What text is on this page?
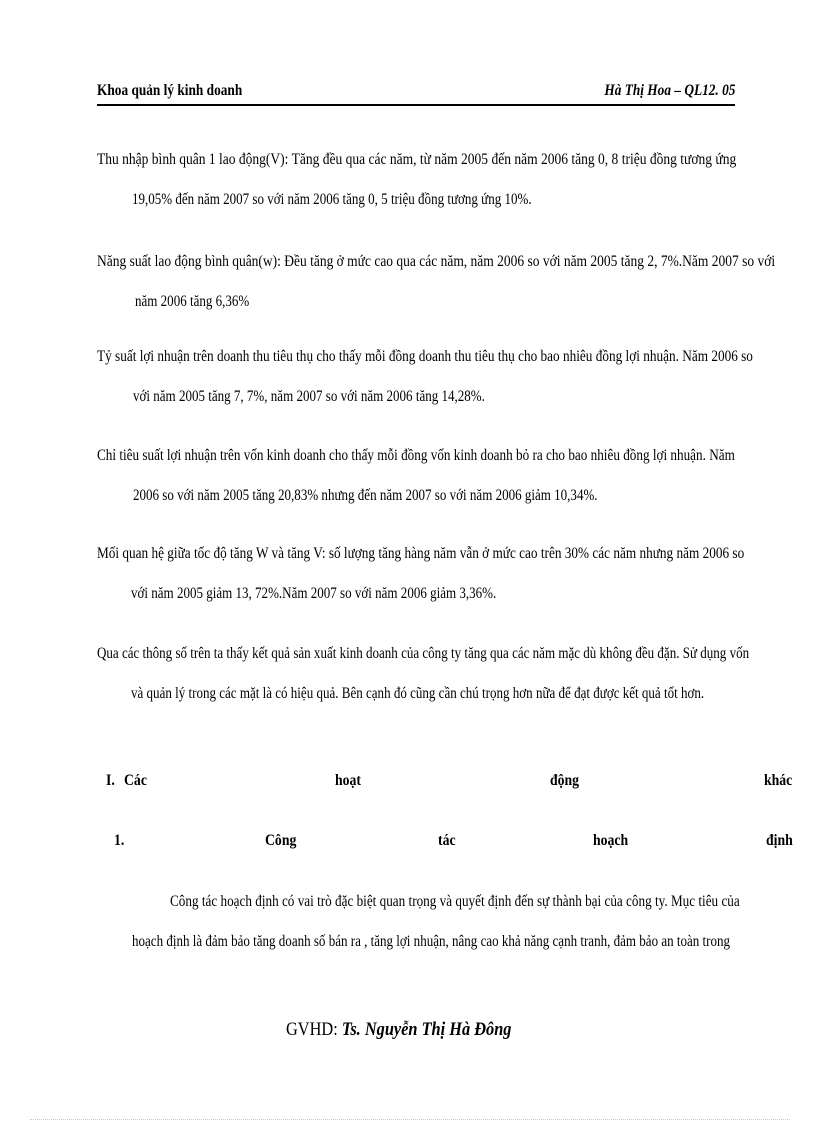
Khoa quản lý kinh doanh	Hà Thị Hoa – QL12. 05
Thu nhập bình quân 1 lao động(V): Tăng đều qua các năm, từ năm 2005 đến năm 2006 tăng 0, 8 triệu đồng tương ứng
19,05% đến năm 2007 so với năm 2006 tăng 0, 5 triệu đồng tương ứng 10%.
Năng suất lao động bình quân(w): Đều tăng ở mức cao qua các năm, năm 2006 so với năm 2005 tăng 2, 7%.Năm 2007 so với
năm 2006 tăng 6,36%
Tỷ suất lợi nhuận trên doanh thu tiêu thụ cho thấy mỗi đồng doanh thu tiêu thụ cho bao nhiêu đồng lợi nhuận. Năm 2006 so
với năm 2005 tăng 7, 7%, năm 2007 so với năm 2006 tăng 14,28%.
Chỉ tiêu suất lợi nhuận trên vốn kinh doanh cho thấy mỗi đồng vốn kinh doanh bỏ ra cho bao nhiêu đồng lợi nhuận. Năm
2006 so với năm 2005 tăng 20,83% nhưng đến năm 2007 so với năm 2006 giảm 10,34%.
Mối quan hệ giữa tốc độ tăng W và tăng V: số lượng tăng hàng năm vẫn ở mức cao trên 30% các năm nhưng năm 2006 so
với năm 2005 giảm 13, 72%.Năm 2007 so với năm 2006 giảm 3,36%.
Qua các thông số trên ta thấy kết quả sản xuất kinh doanh của công ty tăng qua các năm mặc dù không đều đặn. Sử dụng vốn
và quản lý trong các mặt là có hiệu quả. Bên cạnh đó cũng cần chú trọng hơn nữa để đạt được kết quả tốt hơn.
I. Các	hoạt	động	khác
1.	Công	tác	hoạch	định
Công tác hoạch định có vai trò đặc biệt quan trọng và quyết định đến sự thành bại của công ty. Mục tiêu của
hoạch định là đảm bảo tăng doanh số bán ra , tăng lợi nhuận, nâng cao khả năng cạnh tranh, đảm bảo an toàn trong
GVHD: Ts. Nguyễn Thị Hà Đông
